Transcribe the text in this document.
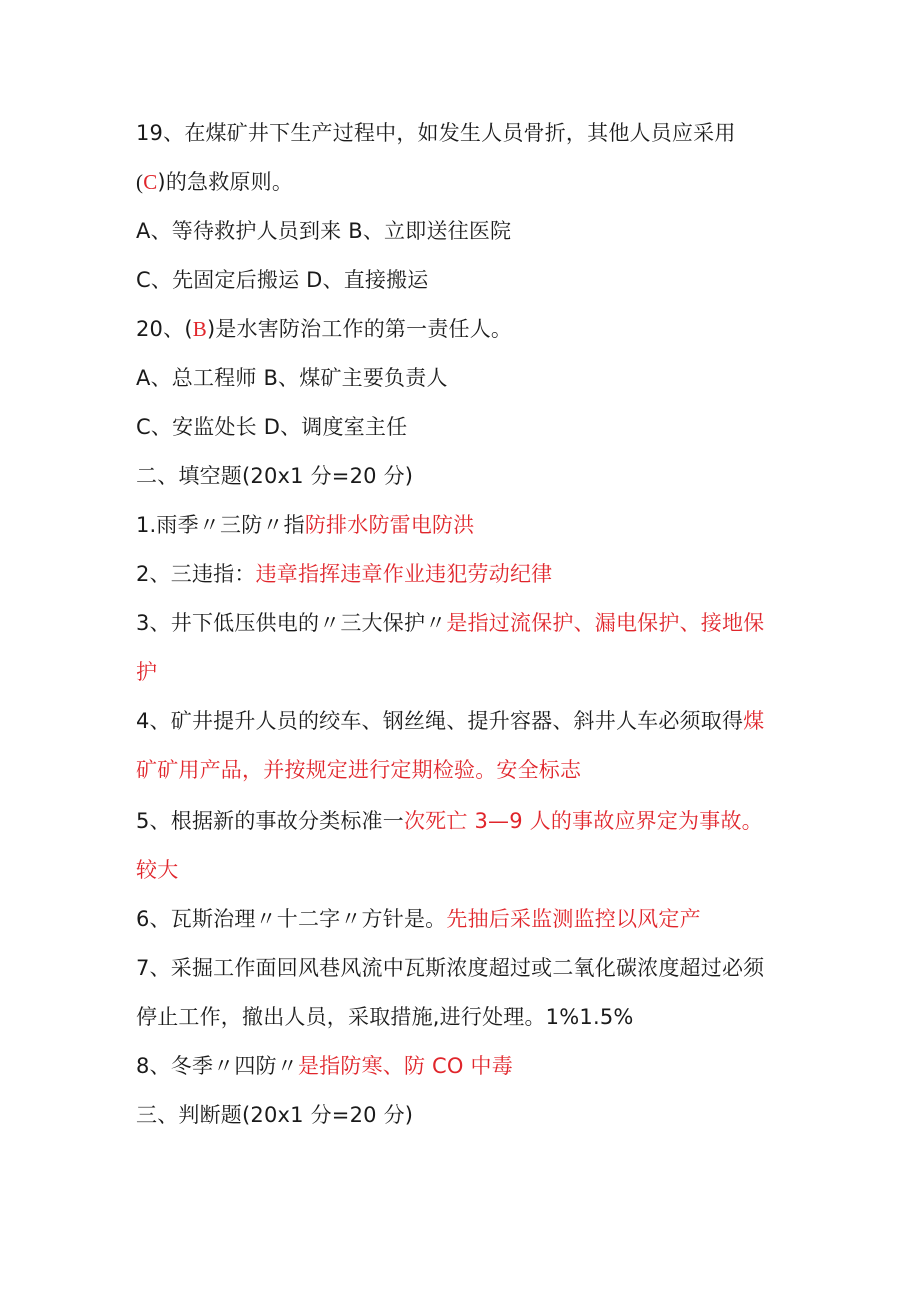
19、在煤矿井下生产过程中，如发生人员骨折，其他人员应采用
(C)的急救原则。
A、等待救护人员到来 B、立即送往医院
C、先固定后搬运 D、直接搬运
20、(B)是水害防治工作的第一责任人。
A、总工程师 B、煤矿主要负责人
C、安监处长 D、调度室主任
二、填空题(20x1 分=20 分)
1.雨季〃三防〃指防排水防雷电防洪
2、三违指：违章指挥违章作业违犯劳动纪律
3、井下低压供电的〃三大保护〃是指过流保护、漏电保护、接地保
护
4、矿井提升人员的绞车、钢丝绳、提升容器、斜井人车必须取得煤
矿矿用产品，并按规定进行定期检验。安全标志
5、根据新的事故分类标准一次死亡 3—9 人的事故应界定为事故。
较大
6、瓦斯治理〃十二字〃方针是。先抽后采监测监控以风定产
7、采掘工作面回风巷风流中瓦斯浓度超过或二氧化碳浓度超过必须
停止工作，撤出人员，采取措施,进行处理。1%1.5%
8、冬季〃四防〃是指防寒、防 CO 中毒
三、判断题(20x1 分=20 分)
